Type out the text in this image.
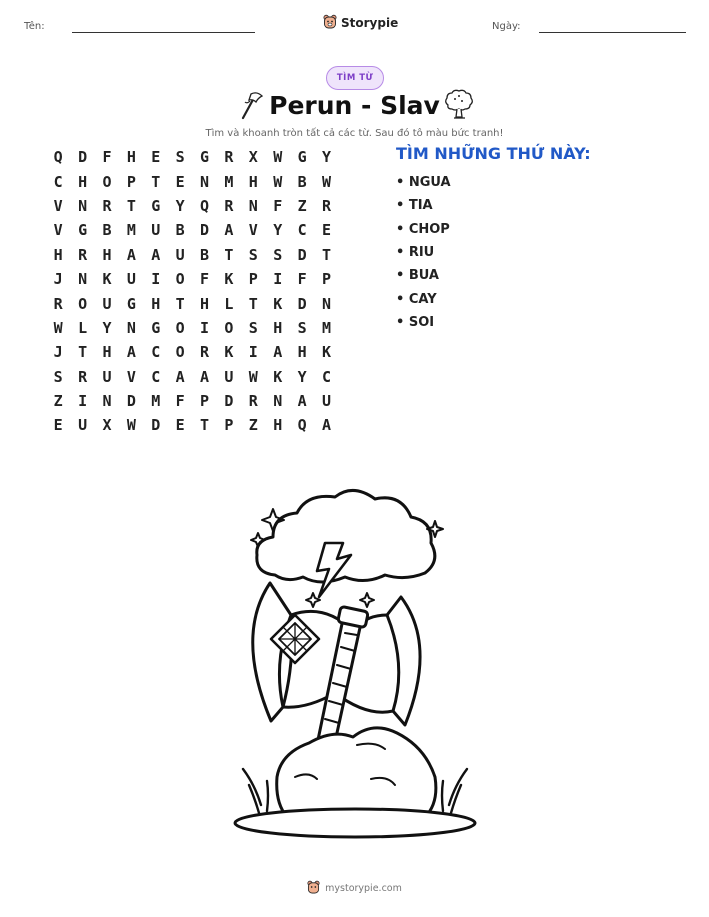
Tên:	Storypie	Ngày:
TÌM TỪ
Perun - Slav
Tìm và khoanh tròn tất cả các từ. Sau đó tô màu bức tranh!
Q	D	F	H	E	S	G	R	X	W	G	Y
C	H	O	P	T	E	N	M	H	W	B	W
V	N	R	T	G	Y	Q	R	N	F	Z	R
V	G	B	M	U	B	D	A	V	Y	C	E
H	R	H	A	A	U	B	T	S	S	D	T
J	N	K	U	I	O	F	K	P	I	F	P
R	O	U	G	H	T	H	L	T	K	D	N
W	L	Y	N	G	O	I	O	S	H	S	M
J	T	H	A	C	O	R	K	I	A	H	K
S	R	U	V	C	A	A	U	W	K	Y	C
Z	I	N	D	M	F	P	D	R	N	A	U
E	U	X	W	D	E	T	P	Z	H	Q	A
TÌM NHỮNG THỨ NÀY:
• NGUA
• TIA
• CHOP
• RIU
• BUA
• CAY
• SOI
mystorypie.com
